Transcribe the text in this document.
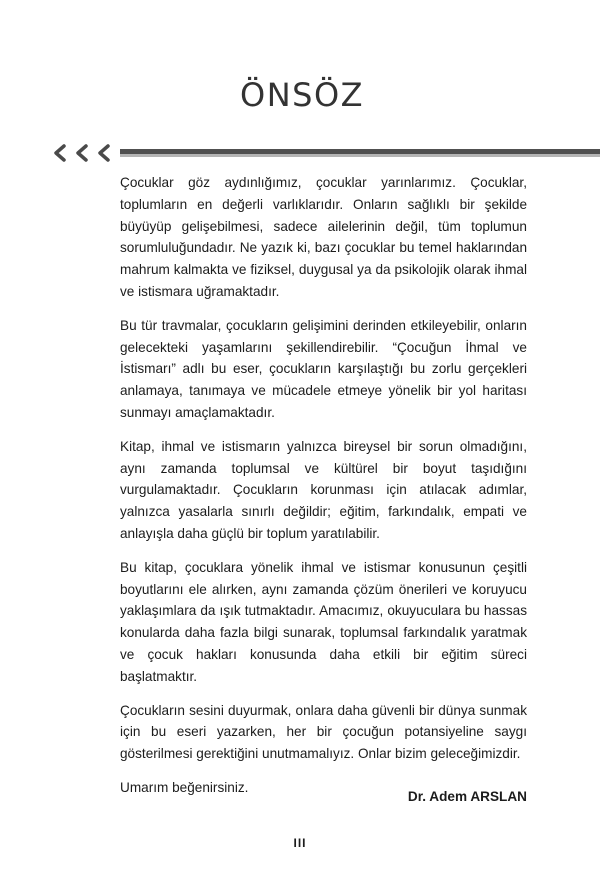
ÖNSÖZ

Çocuklar göz aydınlığımız, çocuklar yarınlarımız. Çocuklar, toplumların en değerli varlıklarıdır. Onların sağlıklı bir şekilde büyüyüp gelişebilmesi, sadece ailelerinin değil, tüm toplumun sorumluluğundadır. Ne yazık ki, bazı çocuklar bu temel haklarından mahrum kalmakta ve fiziksel, duygusal ya da psikolojik olarak ihmal ve istismara uğramaktadır.

Bu tür travmalar, çocukların gelişimini derinden etkileyebilir, onların gelecekteki yaşamlarını şekillendirebilir. “Çocuğun İhmal ve İstismarı” adlı bu eser, çocukların karşılaştığı bu zorlu gerçekleri anlamaya, tanımaya ve mücadele etmeye yönelik bir yol haritası sunmayı amaçlamaktadır.

Kitap, ihmal ve istismarın yalnızca bireysel bir sorun olmadığını, aynı zamanda toplumsal ve kültürel bir boyut taşıdığını vurgulamaktadır. Çocukların korunması için atılacak adımlar, yalnızca yasalarla sınırlı değildir; eğitim, farkındalık, empati ve anlayışla daha güçlü bir toplum yaratılabilir.

Bu kitap, çocuklara yönelik ihmal ve istismar konusunun çeşitli boyutlarını ele alırken, aynı zamanda çözüm önerileri ve koruyucu yaklaşımlara da ışık tutmaktadır. Amacımız, okuyuculara bu hassas konularda daha fazla bilgi sunarak, toplumsal farkındalık yaratmak ve çocuk hakları konusunda daha etkili bir eğitim süreci başlatmaktır.

Çocukların sesini duyurmak, onlara daha güvenli bir dünya sunmak için bu eseri yazarken, her bir çocuğun potansiyeline saygı gösterilmesi gerektiğini unutmamalıyız. Onlar bizim geleceğimizdir.

Umarım beğenirsiniz.

Dr. Adem ARSLAN
III
